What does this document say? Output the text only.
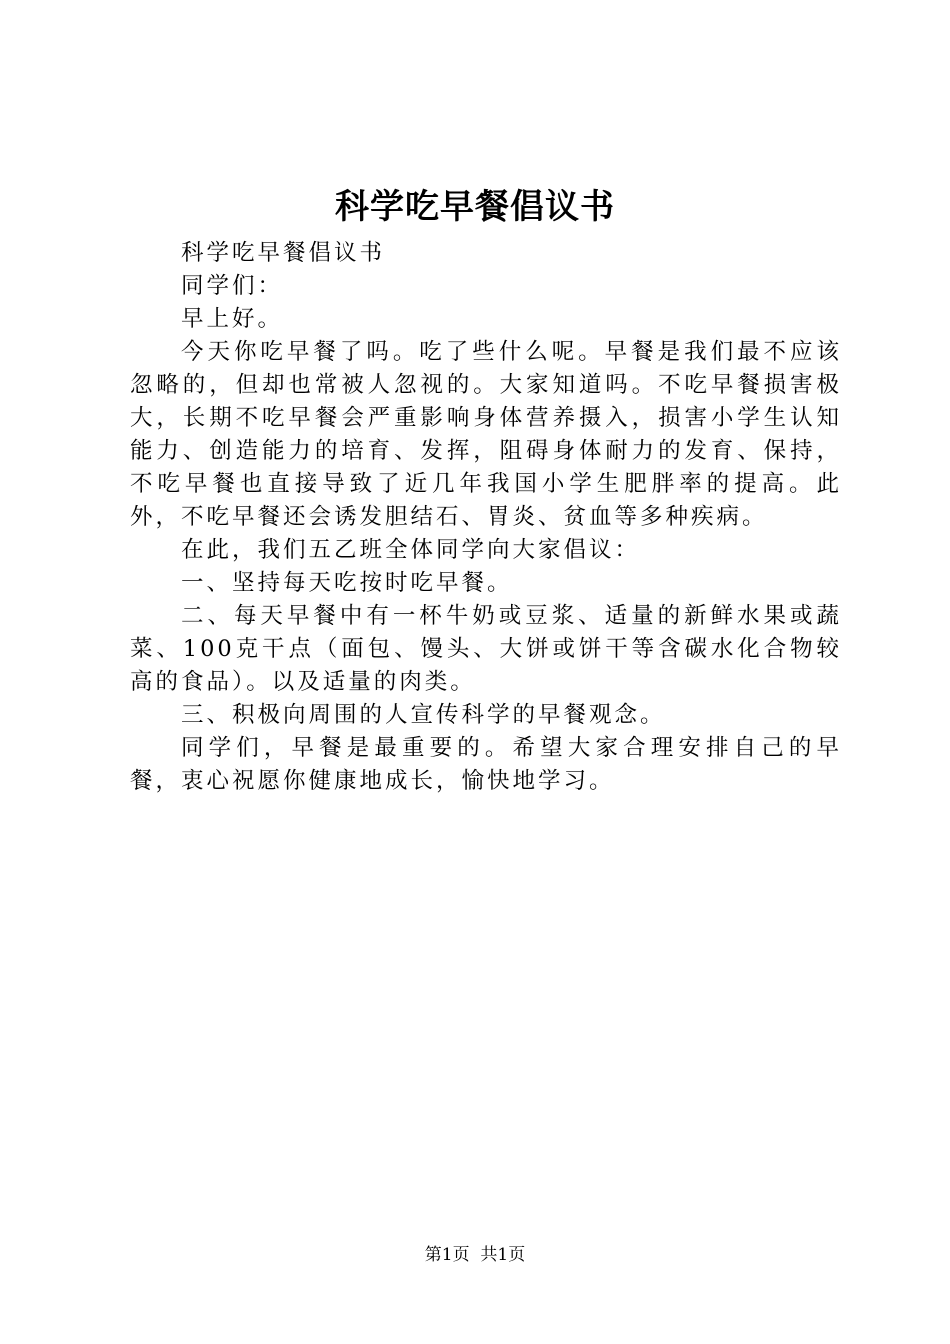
科学吃早餐倡议书

科学吃早餐倡议书

同学们：

早上好。

今天你吃早餐了吗。吃了些什么呢。早餐是我们最不应该忽略的，但却也常被人忽视的。大家知道吗。不吃早餐损害极大，长期不吃早餐会严重影响身体营养摄入，损害小学生认知能力、创造能力的培育、发挥，阻碍身体耐力的发育、保持，不吃早餐也直接导致了近几年我国小学生肥胖率的提高。此外，不吃早餐还会诱发胆结石、胃炎、贫血等多种疾病。

在此，我们五乙班全体同学向大家倡议：

一、坚持每天吃按时吃早餐。

二、每天早餐中有一杯牛奶或豆浆、适量的新鲜水果或蔬菜、100克干点（面包、馒头、大饼或饼干等含碳水化合物较高的食品）。以及适量的肉类。

三、积极向周围的人宣传科学的早餐观念。

同学们，早餐是最重要的。希望大家合理安排自己的早餐，衷心祝愿你健康地成长，愉快地学习。

第1页 共1页
